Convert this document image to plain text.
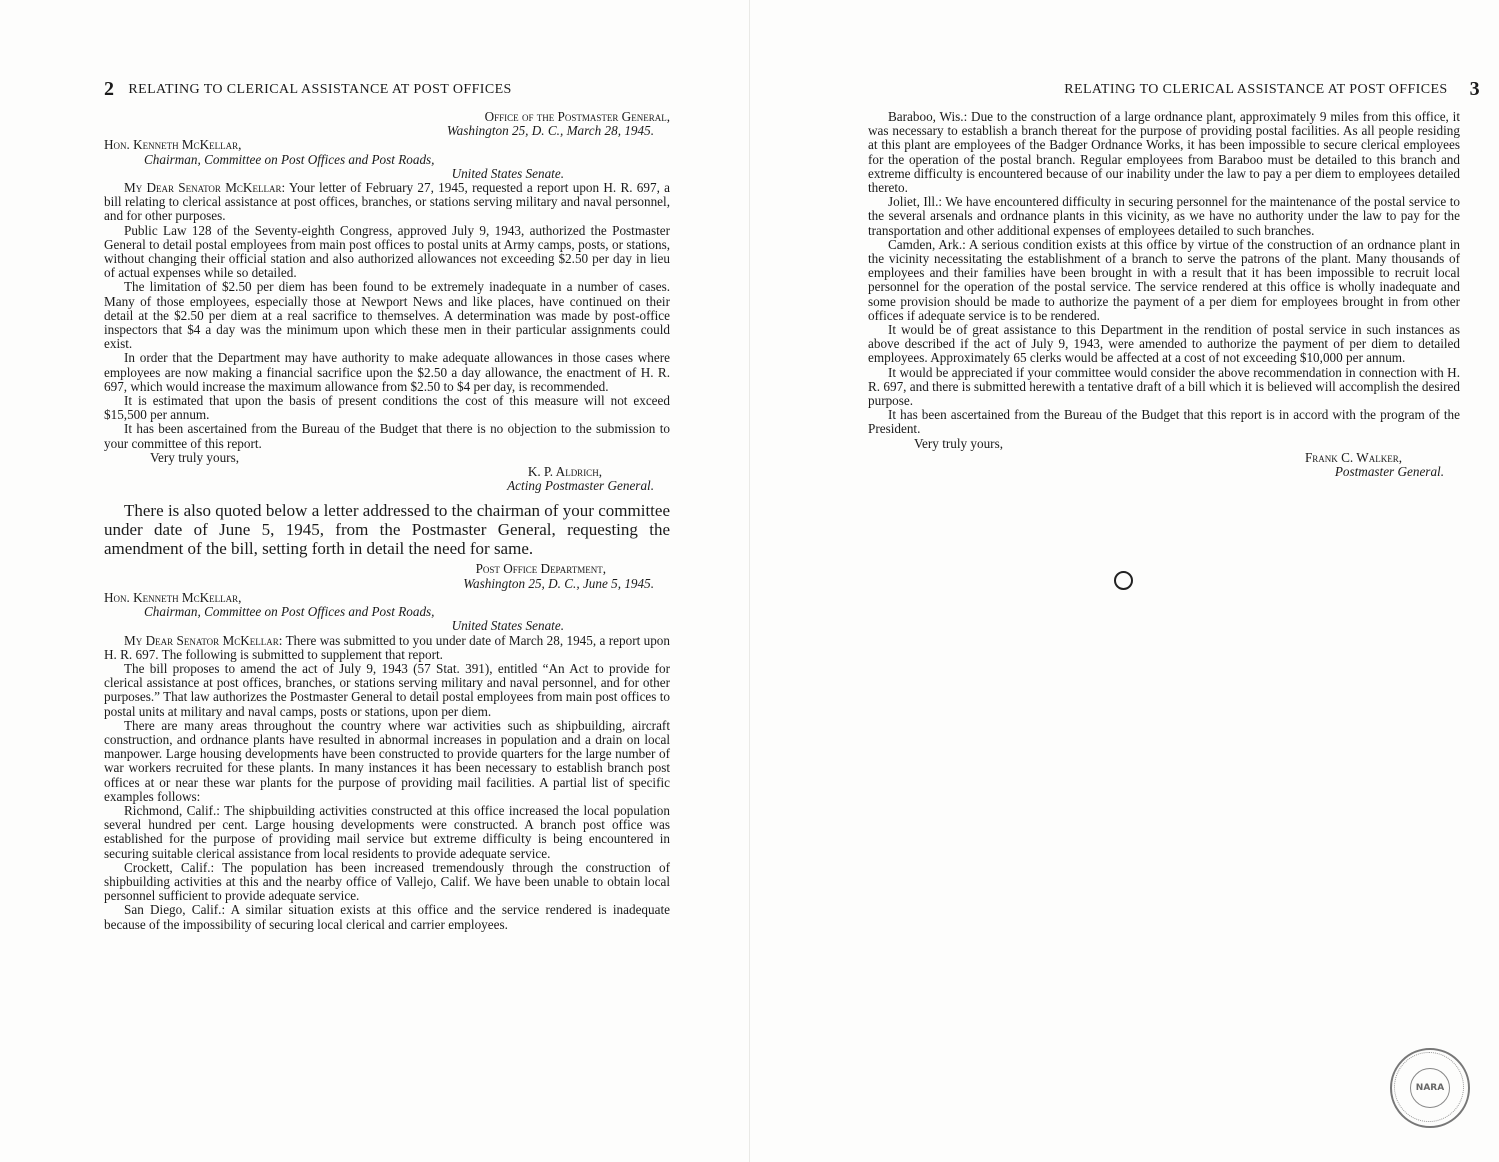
2 RELATING TO CLERICAL ASSISTANCE AT POST OFFICES
Office of the Postmaster General,
Washington 25, D. C., March 28, 1945.
Hon. Kenneth McKellar,
Chairman, Committee on Post Offices and Post Roads,
United States Senate.

My Dear Senator McKellar: Your letter of February 27, 1945, requested a report upon H. R. 697, a bill relating to clerical assistance at post offices, branches, or stations serving military and naval personnel, and for other purposes.

Public Law 128 of the Seventy-eighth Congress, approved July 9, 1943, authorized the Postmaster General to detail postal employees from main post offices to postal units at Army camps, posts, or stations, without changing their official station and also authorized allowances not exceeding $2.50 per day in lieu of actual expenses while so detailed.

The limitation of $2.50 per diem has been found to be extremely inadequate in a number of cases. Many of those employees, especially those at Newport News and like places, have continued on their detail at the $2.50 per diem at a real sacrifice to themselves. A determination was made by post-office inspectors that $4 a day was the minimum upon which these men in their particular assignments could exist.

In order that the Department may have authority to make adequate allowances in those cases where employees are now making a financial sacrifice upon the $2.50 a day allowance, the enactment of H. R. 697, which would increase the maximum allowance from $2.50 to $4 per day, is recommended.

It is estimated that upon the basis of present conditions the cost of this measure will not exceed $15,500 per annum.

It has been ascertained from the Bureau of the Budget that there is no objection to the submission to your committee of this report.

Very truly yours,
K. P. Aldrich,
Acting Postmaster General.

There is also quoted below a letter addressed to the chairman of your committee under date of June 5, 1945, from the Postmaster General, requesting the amendment of the bill, setting forth in detail the need for same.

Post Office Department,
Washington 25, D. C., June 5, 1945.
Hon. Kenneth McKellar,
Chairman, Committee on Post Offices and Post Roads,
United States Senate.

My Dear Senator McKellar: There was submitted to you under date of March 28, 1945, a report upon H. R. 697. The following is submitted to supplement that report.

The bill proposes to amend the act of July 9, 1943 (57 Stat. 391), entitled “An Act to provide for clerical assistance at post offices, branches, or stations serving military and naval personnel, and for other purposes.” That law authorizes the Postmaster General to detail postal employees from main post offices to postal units at military and naval camps, posts or stations, upon per diem.

There are many areas throughout the country where war activities such as shipbuilding, aircraft construction, and ordnance plants have resulted in abnormal increases in population and a drain on local manpower. Large housing developments have been constructed to provide quarters for the large number of war workers recruited for these plants. In many instances it has been necessary to establish branch post offices at or near these war plants for the purpose of providing mail facilities. A partial list of specific examples follows:

Richmond, Calif.: The shipbuilding activities constructed at this office increased the local population several hundred per cent. Large housing developments were constructed. A branch post office was established for the purpose of providing mail service but extreme difficulty is being encountered in securing suitable clerical assistance from local residents to provide adequate service.

Crockett, Calif.: The population has been increased tremendously through the construction of shipbuilding activities at this and the nearby office of Vallejo, Calif. We have been unable to obtain local personnel sufficient to provide adequate service.

San Diego, Calif.: A similar situation exists at this office and the service rendered is inadequate because of the impossibility of securing local clerical and carrier employees.

RELATING TO CLERICAL ASSISTANCE AT POST OFFICES 3

Baraboo, Wis.: Due to the construction of a large ordnance plant, approximately 9 miles from this office, it was necessary to establish a branch thereat for the purpose of providing postal facilities. As all people residing at this plant are employees of the Badger Ordnance Works, it has been impossible to secure clerical employees for the operation of the postal branch. Regular employees from Baraboo must be detailed to this branch and extreme difficulty is encountered because of our inability under the law to pay a per diem to employees detailed thereto.

Joliet, Ill.: We have encountered difficulty in securing personnel for the maintenance of the postal service to the several arsenals and ordnance plants in this vicinity, as we have no authority under the law to pay for the transportation and other additional expenses of employees detailed to such branches.

Camden, Ark.: A serious condition exists at this office by virtue of the construction of an ordnance plant in the vicinity necessitating the establishment of a branch to serve the patrons of the plant. Many thousands of employees and their families have been brought in with a result that it has been impossible to recruit local personnel for the operation of the postal service. The service rendered at this office is wholly inadequate and some provision should be made to authorize the payment of a per diem for employees brought in from other offices if adequate service is to be rendered.

It would be of great assistance to this Department in the rendition of postal service in such instances as above described if the act of July 9, 1943, were amended to authorize the payment of per diem to detailed employees. Approximately 65 clerks would be affected at a cost of not exceeding $10,000 per annum.

It would be appreciated if your committee would consider the above recommendation in connection with H. R. 697, and there is submitted herewith a tentative draft of a bill which it is believed will accomplish the desired purpose.

It has been ascertained from the Bureau of the Budget that this report is in accord with the program of the President.

Very truly yours,
Frank C. Walker,
Postmaster General.
NARA
